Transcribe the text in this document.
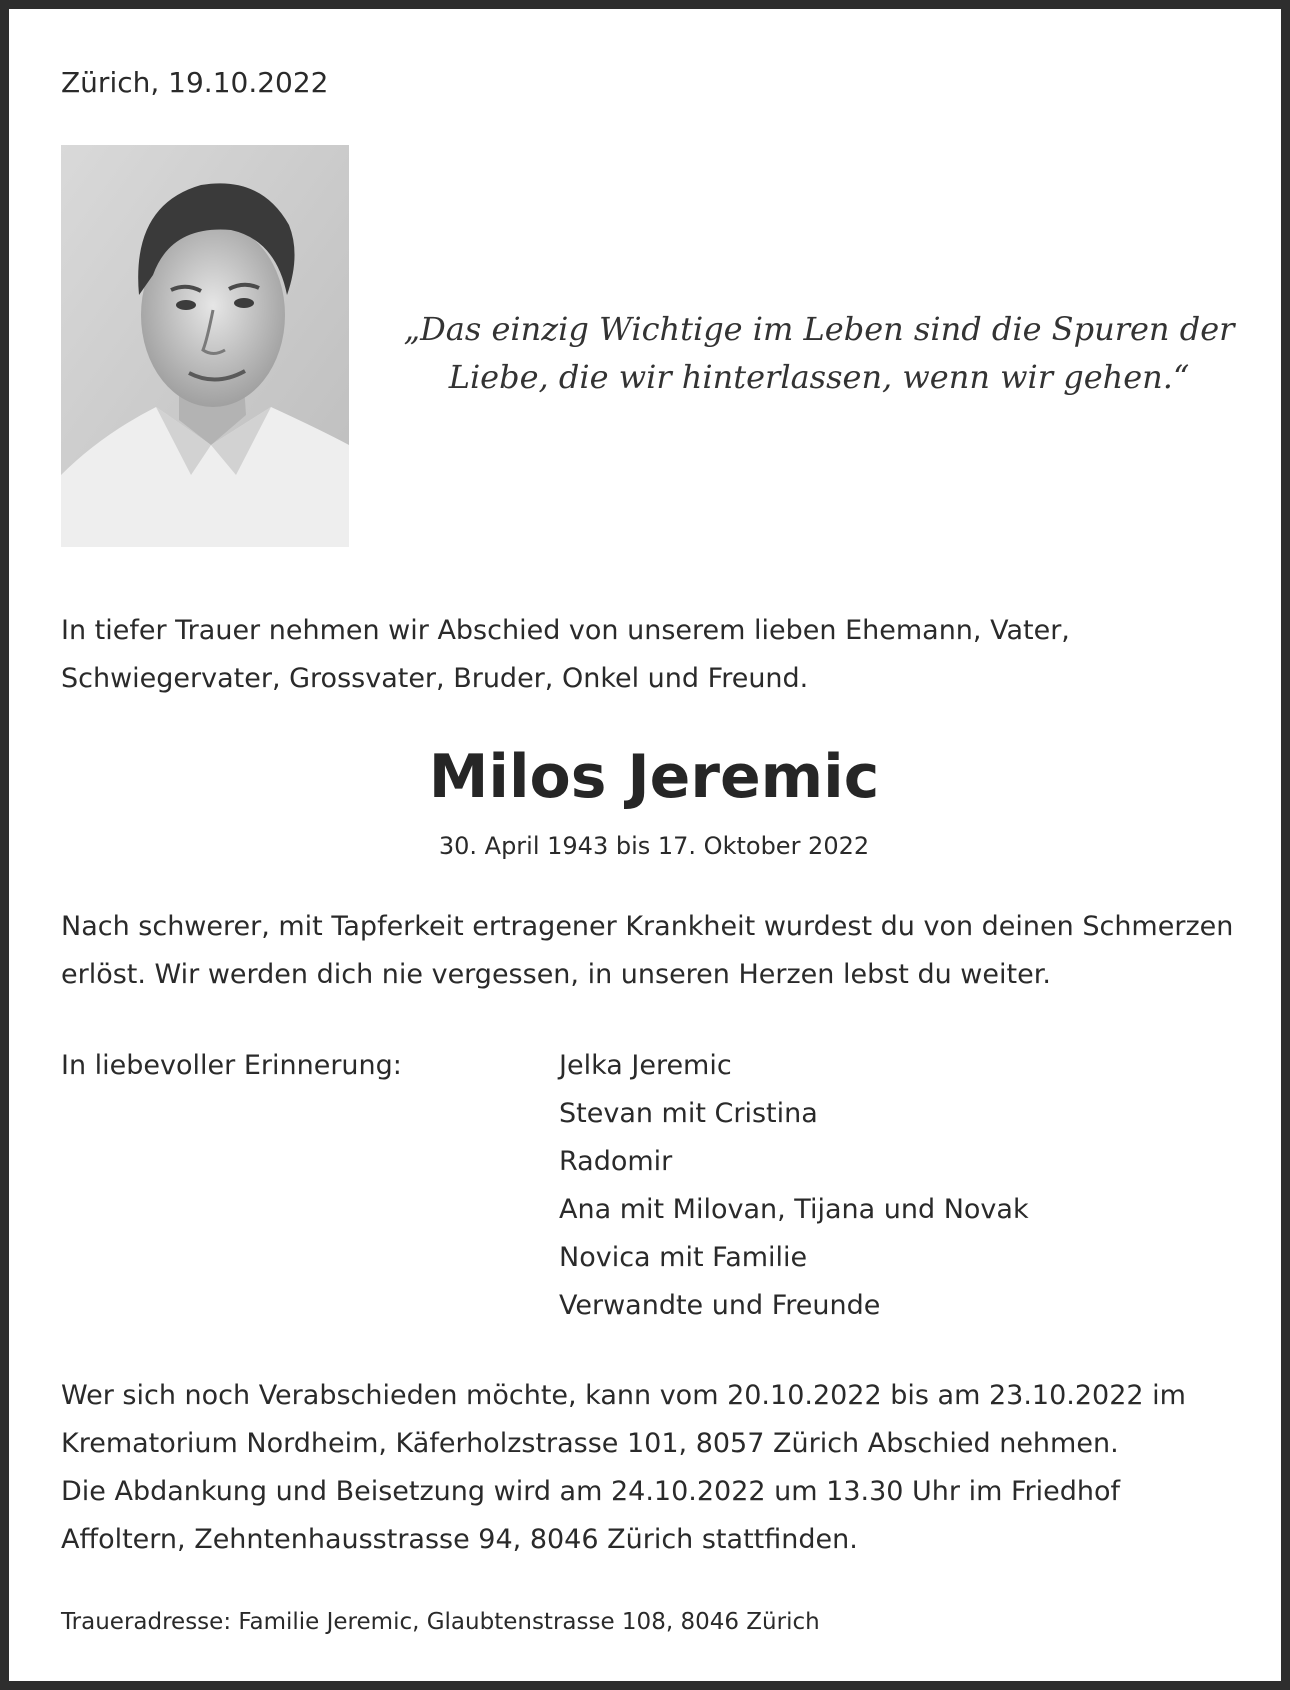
Zürich, 19.10.2022
„Das einzig Wichtige im Leben sind die Spuren der
Liebe, die wir hinterlassen, wenn wir gehen.“
In tiefer Trauer nehmen wir Abschied von unserem lieben Ehemann, Vater,
Schwiegervater, Grossvater, Bruder, Onkel und Freund.
Milos Jeremic
30. April 1943 bis 17. Oktober 2022
Nach schwerer, mit Tapferkeit ertragener Krankheit wurdest du von deinen Schmerzen
erlöst. Wir werden dich nie vergessen, in unseren Herzen lebst du weiter.
In liebevoller Erinnerung:	Jelka Jeremic
Stevan mit Cristina
Radomir
Ana mit Milovan, Tijana und Novak
Novica mit Familie
Verwandte und Freunde
Wer sich noch Verabschieden möchte, kann vom 20.10.2022 bis am 23.10.2022 im
Krematorium Nordheim, Käferholzstrasse 101, 8057 Zürich Abschied nehmen.
Die Abdankung und Beisetzung wird am 24.10.2022 um 13.30 Uhr im Friedhof
Affoltern, Zehntenhausstrasse 94, 8046 Zürich stattfinden.
Traueradresse: Familie Jeremic, Glaubtenstrasse 108, 8046 Zürich
